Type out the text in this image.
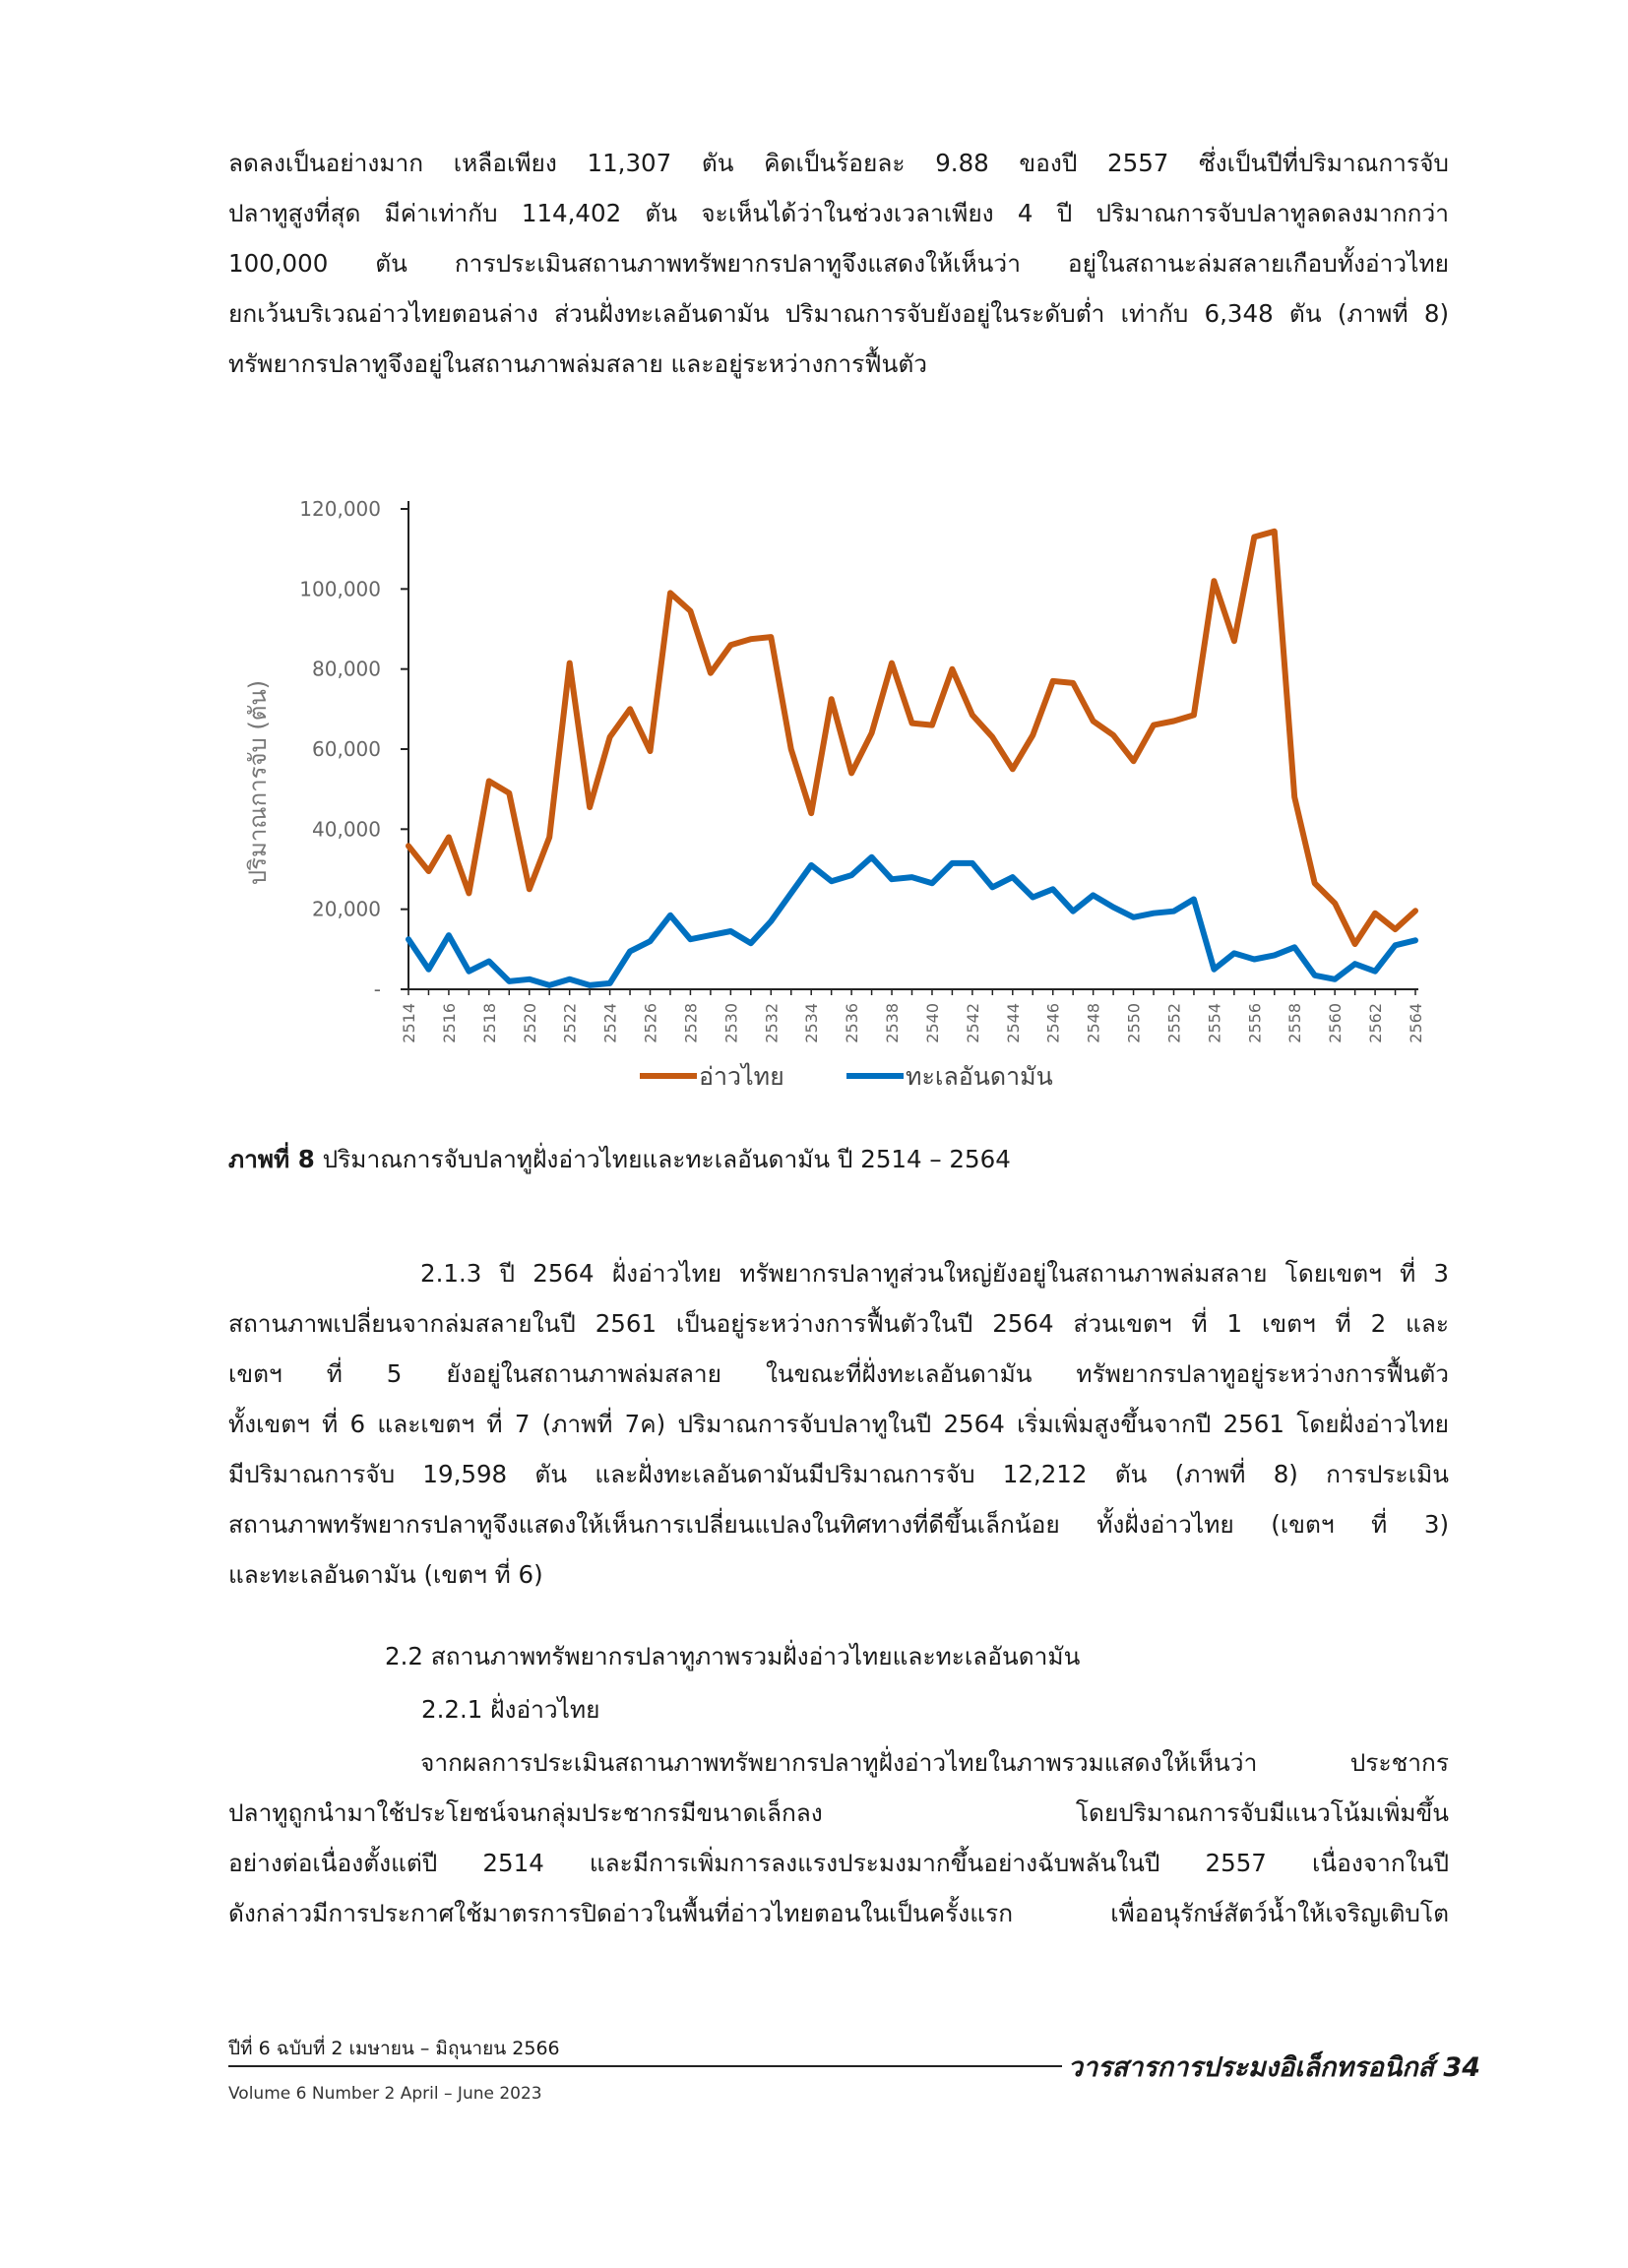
ลดลงเป็นอย่างมาก เหลือเพียง 11,307 ตัน คิดเป็นร้อยละ 9.88 ของปี 2557 ซึ่งเป็นปีที่ปริมาณการจับ

ปลาทูสูงที่สุด มีค่าเท่ากับ 114,402 ตัน จะเห็นได้ว่าในช่วงเวลาเพียง 4 ปี ปริมาณการจับปลาทูลดลงมากกว่า

100,000 ตัน การประเมินสถานภาพทรัพยากรปลาทูจึงแสดงให้เห็นว่า อยู่ในสถานะล่มสลายเกือบทั้งอ่าวไทย

ยกเว้นบริเวณอ่าวไทยตอนล่าง ส่วนฝั่งทะเลอันดามัน ปริมาณการจับยังอยู่ในระดับต่ำ เท่ากับ 6,348 ตัน (ภาพที่ 8)

ทรัพยากรปลาทูจึงอยู่ในสถานภาพล่มสลาย และอยู่ระหว่างการฟื้นตัว

ปริมาณการจับ (ตัน)
-
20,000
40,000
60,000
80,000
100,000
120,000
2514 2516 2518 2520 2522 2524 2526 2528 2530 2532 2534 2536 2538 2540 2542 2544 2546 2548 2550 2552 2554 2556 2558 2560 2562 2564
อ่าวไทย	ทะเลอันดามัน
ภาพที่ 8 ปริมาณการจับปลาทูฝั่งอ่าวไทยและทะเลอันดามัน ปี 2514 – 2564

2.1.3 ปี 2564 ฝั่งอ่าวไทย ทรัพยากรปลาทูส่วนใหญ่ยังอยู่ในสถานภาพล่มสลาย โดยเขตฯ ที่ 3

สถานภาพเปลี่ยนจากล่มสลายในปี 2561 เป็นอยู่ระหว่างการฟื้นตัวในปี 2564 ส่วนเขตฯ ที่ 1 เขตฯ ที่ 2 และ

เขตฯ ที่ 5 ยังอยู่ในสถานภาพล่มสลาย ในขณะที่ฝั่งทะเลอันดามัน ทรัพยากรปลาทูอยู่ระหว่างการฟื้นตัว

ทั้งเขตฯ ที่ 6 และเขตฯ ที่ 7 (ภาพที่ 7ค) ปริมาณการจับปลาทูในปี 2564 เริ่มเพิ่มสูงขึ้นจากปี 2561 โดยฝั่งอ่าวไทย

มีปริมาณการจับ 19,598 ตัน และฝั่งทะเลอันดามันมีปริมาณการจับ 12,212 ตัน (ภาพที่ 8) การประเมิน

สถานภาพทรัพยากรปลาทูจึงแสดงให้เห็นการเปลี่ยนแปลงในทิศทางที่ดีขึ้นเล็กน้อย ทั้งฝั่งอ่าวไทย (เขตฯ ที่ 3)

และทะเลอันดามัน (เขตฯ ที่ 6)

2.2 สถานภาพทรัพยากรปลาทูภาพรวมฝั่งอ่าวไทยและทะเลอันดามัน
2.2.1 ฝั่งอ่าวไทย

จากผลการประเมินสถานภาพทรัพยากรปลาทูฝั่งอ่าวไทยในภาพรวมแสดงให้เห็นว่า ประชากร

ปลาทูถูกนำมาใช้ประโยชน์จนกลุ่มประชากรมีขนาดเล็กลง โดยปริมาณการจับมีแนวโน้มเพิ่มขึ้น

อย่างต่อเนื่องตั้งแต่ปี 2514 และมีการเพิ่มการลงแรงประมงมากขึ้นอย่างฉับพลันในปี 2557 เนื่องจากในปี

ดังกล่าวมีการประกาศใช้มาตรการปิดอ่าวในพื้นที่อ่าวไทยตอนในเป็นครั้งแรก เพื่ออนุรักษ์สัตว์น้ำให้เจริญเติบโต

ปีที่ 6 ฉบับที่ 2 เมษายน – มิถุนายน 2566
วารสารการประมงอิเล็กทรอนิกส์ 34
Volume 6 Number 2 April – June 2023
